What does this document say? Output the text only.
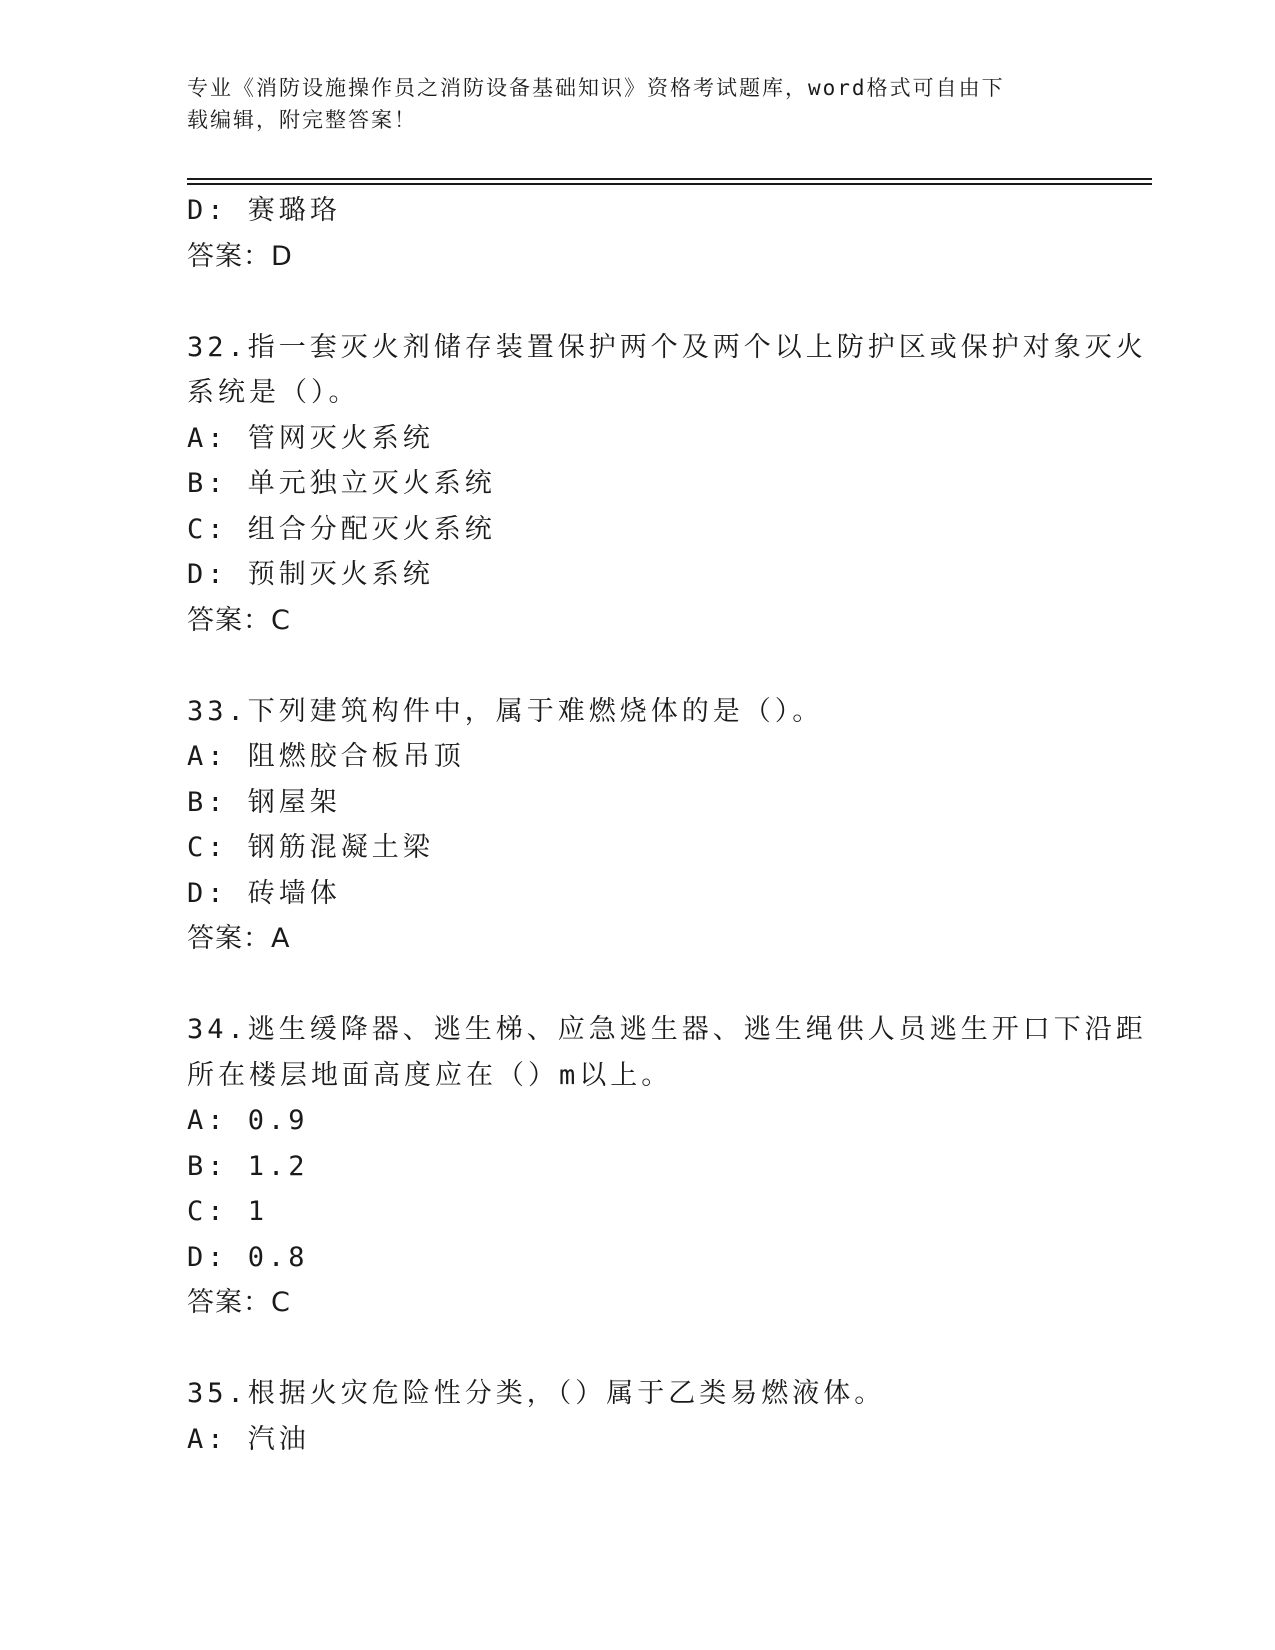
专业《消防设施操作员之消防设备基础知识》资格考试题库，word格式可自由下
载编辑，附完整答案！
D: 赛璐珞
答案：D
32.指一套灭火剂储存装置保护两个及两个以上防护区或保护对象灭火
系统是（）。
A: 管网灭火系统
B: 单元独立灭火系统
C: 组合分配灭火系统
D: 预制灭火系统
答案：C
33.下列建筑构件中，属于难燃烧体的是（）。
A: 阻燃胶合板吊顶
B: 钢屋架
C: 钢筋混凝土梁
D: 砖墙体
答案：A
34.逃生缓降器、逃生梯、应急逃生器、逃生绳供人员逃生开口下沿距
所在楼层地面高度应在（）m以上。
A: 0.9
B: 1.2
C: 1
D: 0.8
答案：C
35.根据火灾危险性分类，（）属于乙类易燃液体。
A: 汽油
